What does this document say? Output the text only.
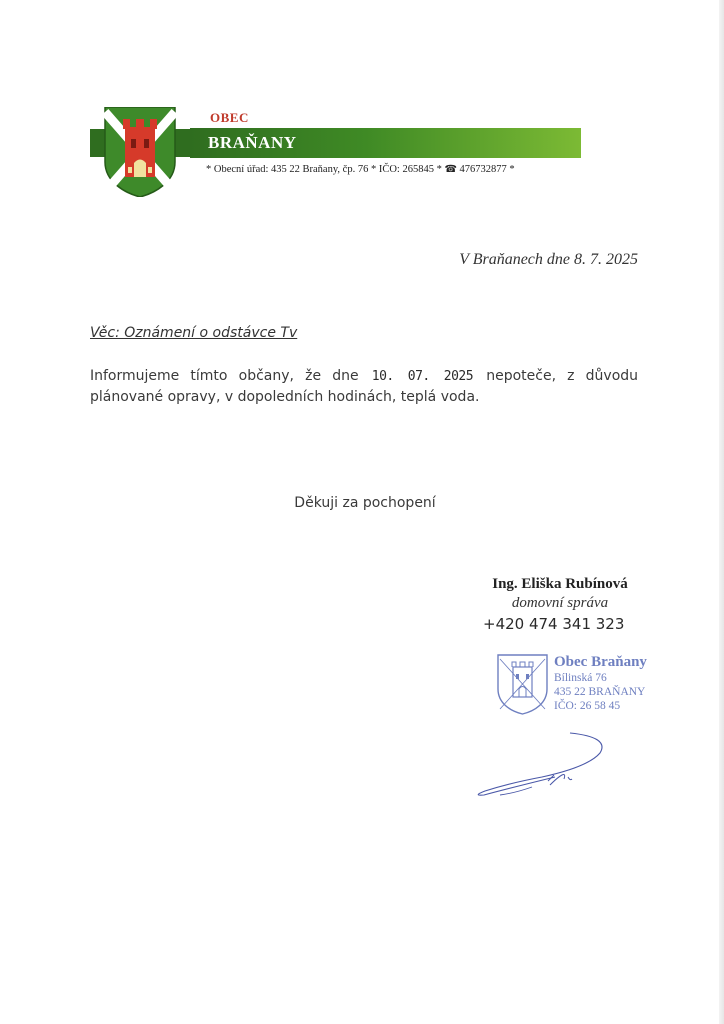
OBEC
BRAŇANY
* Obecní úřad: 435 22 Braňany, čp. 76 * IČO: 265845 * ☎ 476732877 *
V Braňanech dne 8. 7. 2025
Věc: Oznámení o odstávce Tv
Informujeme tímto občany, že dne 10. 07. 2025 nepoteče, z důvodu plánované opravy, v dopoledních hodinách, teplá voda.
Děkuji za pochopení
Ing. Eliška Rubínová
domovní správa
+420 474 341 323
Obec Braňany
Bílinská 76
435 22 BRAŇANY
IČO: 26 58 45
